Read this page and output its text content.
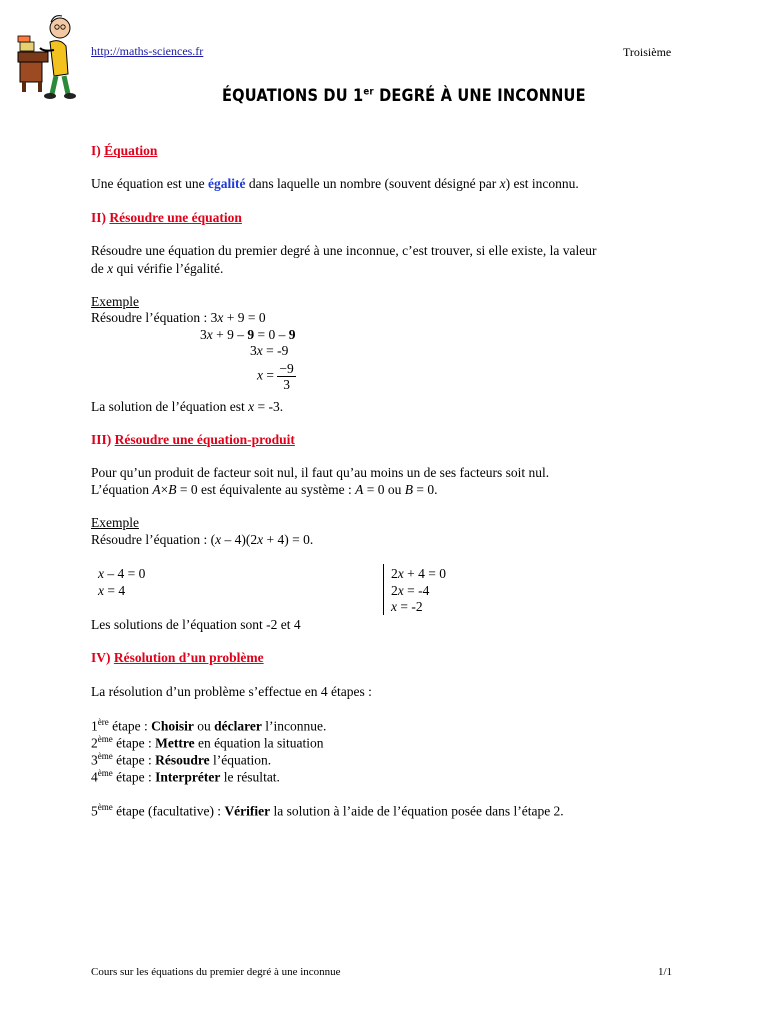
http://maths-sciences.fr	Troisième
ÉQUATIONS DU 1er DEGRÉ À UNE INCONNUE
I) Équation
Une équation est une égalité dans laquelle un nombre (souvent désigné par x) est inconnu.
II) Résoudre une équation
Résoudre une équation du premier degré à une inconnue, c’est trouver, si elle existe, la valeur
de x qui vérifie l’égalité.
Exemple
Résoudre l’équation : 3x + 9 = 0
3x + 9 – 9 = 0 – 9
3x = -9
$x = \frac{-9}{3}$
La solution de l’équation est x = -3.
III) Résoudre une équation-produit
Pour qu’un produit de facteur soit nul, il faut qu’au moins un de ses facteurs soit nul.
L’équation A×B = 0 est équivalente au système : A = 0 ou B = 0.
Exemple
Résoudre l’équation : (x – 4)(2x + 4) = 0.
x – 4 = 0
x = 4
2x + 4 = 0
2x = -4
x = -2
Les solutions de l’équation sont -2 et 4
IV) Résolution d’un problème
La résolution d’un problème s’effectue en 4 étapes :
1ère étape : Choisir ou déclarer l’inconnue.
2ème étape : Mettre en équation la situation
3ème étape : Résoudre l’équation.
4ème étape : Interpréter le résultat.
5ème étape (facultative) : Vérifier la solution à l’aide de l’équation posée dans l’étape 2.
Cours sur les équations du premier degré à une inconnue	1/1
